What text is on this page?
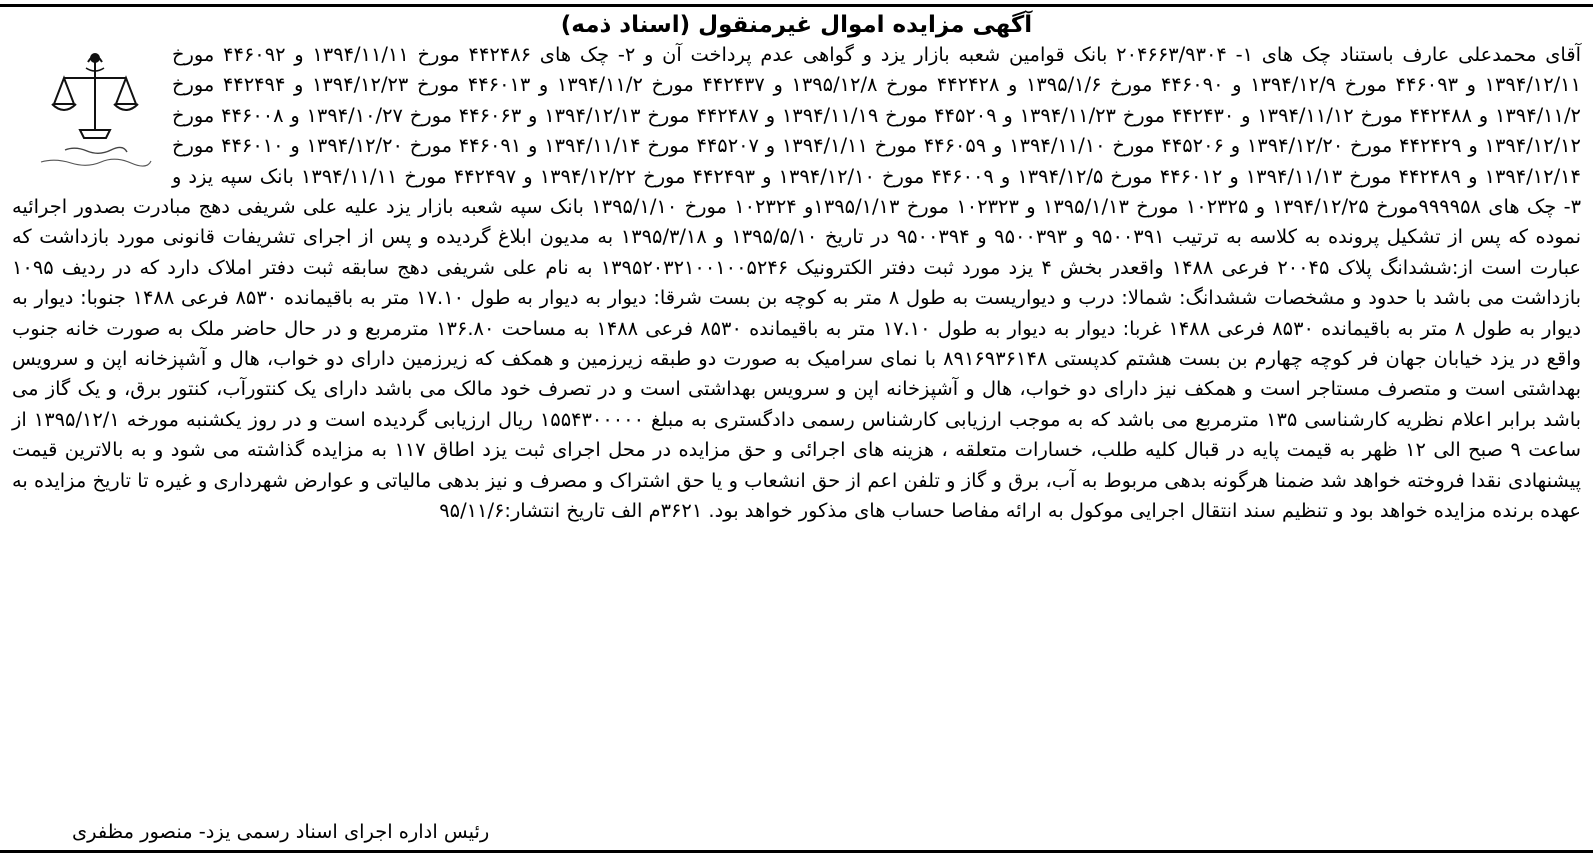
آگهی مزایده اموال غیرمنقول (اسناد ذمه)

آقای محمدعلی عارف باستناد چک های ۱- ۲۰۴۶۶۳/۹۳۰۴ بانک قوامین شعبه بازار یزد و گواهی عدم پرداخت آن و ۲- چک های ۴۴۲۴۸۶ مورخ ۱۳۹۴/۱۱/۱۱ و ۴۴۶۰۹۲ مورخ ۱۳۹۴/۱۲/۱۱ و ۴۴۶۰۹۳ مورخ ۱۳۹۴/۱۲/۹ و ۴۴۶۰۹۰ مورخ ۱۳۹۵/۱/۶ و ۴۴۲۴۲۸ مورخ ۱۳۹۵/۱۲/۸ و ۴۴۲۴۳۷ مورخ ۱۳۹۴/۱۱/۲ و ۴۴۶۰۱۳ مورخ ۱۳۹۴/۱۲/۲۳ و ۴۴۲۴۹۴ مورخ ۱۳۹۴/۱۱/۲ و ۴۴۲۴۸۸ مورخ ۱۳۹۴/۱۱/۱۲ و ۴۴۲۴۳۰ مورخ ۱۳۹۴/۱۱/۲۳ و ۴۴۵۲۰۹ مورخ ۱۳۹۴/۱۱/۱۹ و ۴۴۲۴۸۷ مورخ ۱۳۹۴/۱۲/۱۳ و ۴۴۶۰۶۳ مورخ ۱۳۹۴/۱۰/۲۷ و ۴۴۶۰۰۸ مورخ ۱۳۹۴/۱۲/۱۲ و ۴۴۲۴۲۹ مورخ ۱۳۹۴/۱۲/۲۰ و ۴۴۵۲۰۶ مورخ ۱۳۹۴/۱۱/۱۰ و ۴۴۶۰۵۹ مورخ ۱۳۹۴/۱/۱۱ و ۴۴۵۲۰۷ مورخ ۱۳۹۴/۱۱/۱۴ و ۴۴۶۰۹۱ مورخ ۱۳۹۴/۱۲/۲۰ و ۴۴۶۰۱۰ مورخ ۱۳۹۴/۱۲/۱۴ و ۴۴۲۴۸۹ مورخ ۱۳۹۴/۱۱/۱۳ و ۴۴۶۰۱۲ مورخ ۱۳۹۴/۱۲/۵ و ۴۴۶۰۰۹ مورخ ۱۳۹۴/۱۲/۱۰ و ۴۴۲۴۹۳ مورخ ۱۳۹۴/۱۲/۲۲ و ۴۴۲۴۹۷ مورخ ۱۳۹۴/۱۱/۱۱ بانک سپه یزد و ۳- چک های ۹۹۹۹۵۸مورخ ۱۳۹۴/۱۲/۲۵ و ۱۰۲۳۲۵ مورخ ۱۳۹۵/۱/۱۳ و ۱۰۲۳۲۳ مورخ ۱۳۹۵/۱/۱۳و ۱۰۲۳۲۴ مورخ ۱۳۹۵/۱/۱۰ بانک سپه شعبه بازار یزد علیه علی شریفی دهج مبادرت بصدور اجرائیه نموده که پس از تشکیل پرونده به کلاسه به ترتیب ۹۵۰۰۳۹۱ و ۹۵۰۰۳۹۳ و ۹۵۰۰۳۹۴ در تاریخ ۱۳۹۵/۵/۱۰ و ۱۳۹۵/۳/۱۸ به مدیون ابلاغ گردیده و پس از اجرای تشریفات قانونی مورد بازداشت که عبارت است از:ششدانگ پلاک ۲۰۰۴۵ فرعی ۱۴۸۸ واقعدر بخش ۴ یزد مورد ثبت دفتر الکترونیک ۱۳۹۵۲۰۳۲۱۰۰۱۰۰۵۲۴۶ به نام علی شریفی دهج سابقه ثبت دفتر املاک دارد که در ردیف ۱۰۹۵ بازداشت می باشد با حدود و مشخصات ششدانگ: شمالا: درب و دیواریست به طول ۸ متر به کوچه بن بست شرقا: دیوار به دیوار به طول ۱۷.۱۰ متر به باقیمانده ۸۵۳۰ فرعی ۱۴۸۸ جنوبا: دیوار به دیوار به طول ۸ متر به باقیمانده ۸۵۳۰ فرعی ۱۴۸۸ غربا: دیوار به دیوار به طول ۱۷.۱۰ متر به باقیمانده ۸۵۳۰ فرعی ۱۴۸۸ به مساحت ۱۳۶.۸۰ مترمربع و در حال حاضر ملک به صورت خانه جنوب واقع در یزد خیابان جهان فر کوچه چهارم بن بست هشتم کدپستی ۸۹۱۶۹۳۶۱۴۸ با نمای سرامیک به صورت دو طبقه زیرزمین و همکف که زیرزمین دارای دو خواب، هال و آشپزخانه اپن و سرویس بهداشتی است و متصرف مستاجر است و همکف نیز دارای دو خواب، هال و آشپزخانه اپن و سرویس بهداشتی است و در تصرف خود مالک می باشد دارای یک کنتورآب، کنتور برق، و یک گاز می باشد برابر اعلام نظریه کارشناسی ۱۳۵ مترمربع می باشد که به موجب ارزیابی کارشناس رسمی دادگستری به مبلغ ۱۵۵۴۳۰۰۰۰۰ ریال ارزیابی گردیده است و در روز یکشنبه مورخه ۱۳۹۵/۱۲/۱ از ساعت ۹ صبح الی ۱۲ ظهر به قیمت پایه در قبال کلیه طلب، خسارات متعلقه ، هزینه های اجرائی و حق مزایده در محل اجرای ثبت یزد اطاق ۱۱۷ به مزایده گذاشته می شود و به بالاترین قیمت پیشنهادی نقدا فروخته خواهد شد ضمنا هرگونه بدهی مربوط به آب، برق و گاز و تلفن اعم از حق انشعاب و یا حق اشتراک و مصرف و نیز بدهی مالیاتی و عوارض شهرداری و غیره تا تاریخ مزایده به عهده برنده مزایده خواهد بود و تنظیم سند انتقال اجرایی موکول به ارائه مفاصا حساب های مذکور خواهد بود. ۳۶۲۱م الف تاریخ انتشار:۹۵/۱۱/۶

رئیس اداره اجرای اسناد رسمی یزد- منصور مظفری
